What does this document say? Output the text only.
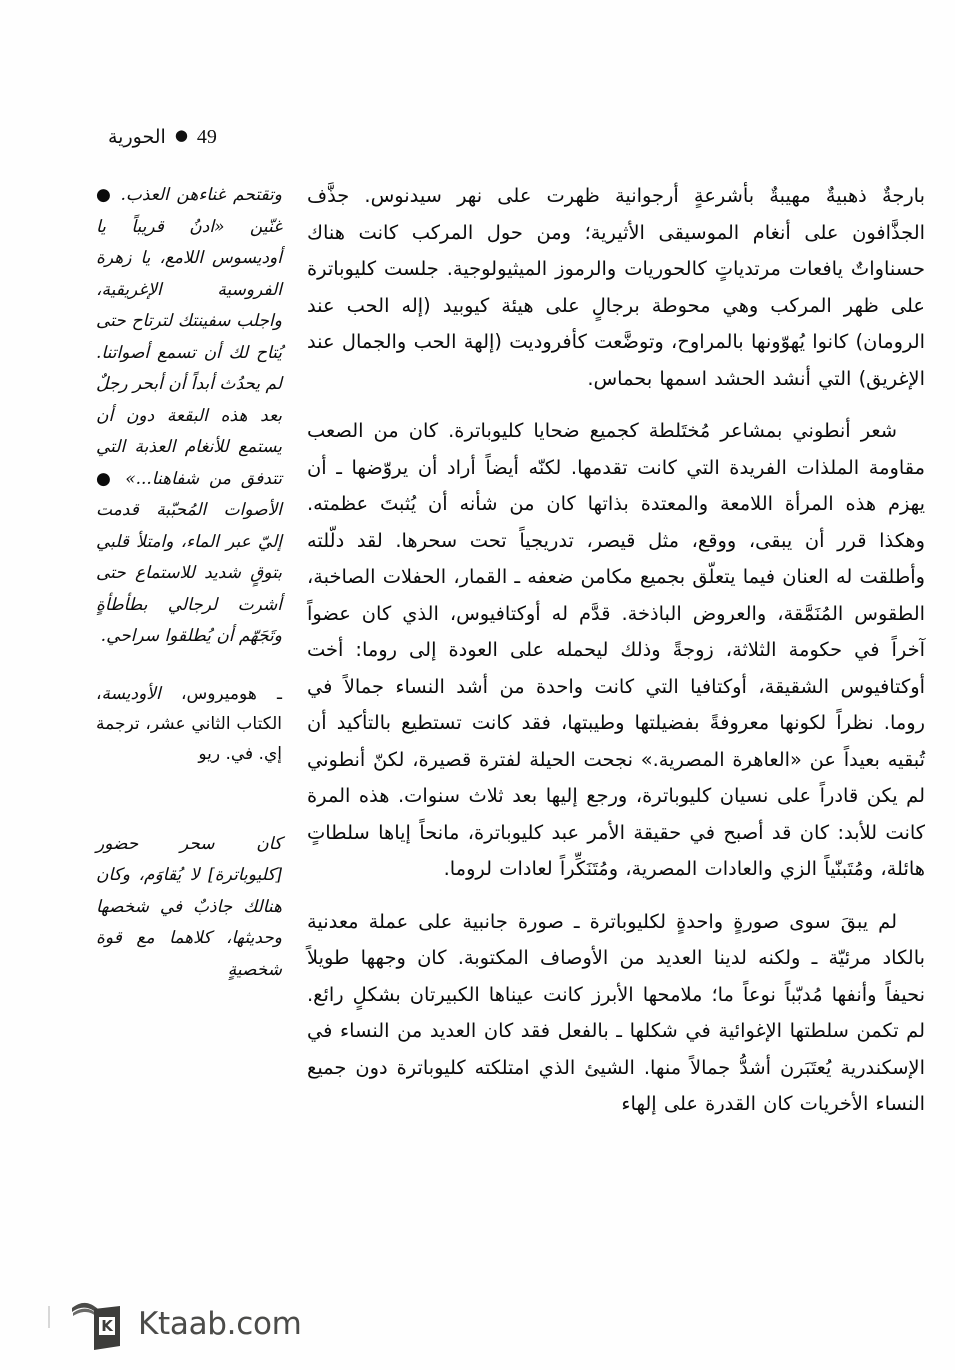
الحورية ● 49

بارجةٌ ذهبيةٌ مهيبةٌ بأشرعةٍ أرجوانية ظهرت على نهر سيدنوس. جذَّف الجذَّافون على أنغام الموسيقى الأثيرية؛ ومن حول المركب كانت هناك حسناواتٌ يافعات مرتدياتٍ كالحوريات والرموز الميثيولوجية. جلست كليوباترة على ظهر المركب وهي محوطة برجالٍ على هيئة كيوبيد (إله الحب عند الرومان) كانوا يُهوّونها بالمراوح، وتوضَّعت كأفروديت (إلهة الحب والجمال عند الإغريق) التي أنشد الحشد اسمها بحماس.

شعر أنطوني بمشاعر مُختَلطة كجميع ضحايا كليوباترة. كان من الصعب مقاومة الملذات الفريدة التي كانت تقدمها. لكنّه أيضاً أراد أن يروّضها ـ أن يهزم هذه المرأة اللامعة والمعتدة بذاتها كان من شأنه أن يُثبتَ عظمته. وهكذا قرر أن يبقى، ووقع، مثل قيصر، تدريجياً تحت سحرها. لقد دلّلته وأطلقت له العنان فيما يتعلّق بجميع مكامن ضعفه ـ القمار، الحفلات الصاخبة، الطقوس المُنَمَّقة، والعروض الباذخة. قدَّم له أوكتافيوس، الذي كان عضواً آخراً في حكومة الثلاثة، زوجةً وذلك ليحمله على العودة إلى روما: أخت أوكتافيوس الشقيقة، أوكتافيا التي كانت واحدة من أشد النساء جمالاً في روما. نظراً لكونها معروفةً بفضيلتها وطيبتها، فقد كانت تستطيع بالتأكيد أن تُبقيه بعيداً عن «العاهرة المصرية.» نجحت الحيلة لفترة قصيرة، لكنّ أنطوني لم يكن قادراً على نسيان كليوباترة، ورجع إليها بعد ثلاث سنوات. هذه المرة كانت للأبد: كان قد أصبح في حقيقة الأمر عبد كليوباترة، مانحاً إياها سلطاتٍ هائلة، ومُتَبنّياً الزي والعادات المصرية، ومُتَنَكِّراً لعادات لروما.

لم يبقَ سوى صورةٍ واحدةٍ لكليوباترة ـ صورة جانبية على عملة معدنية بالكاد مرئيّة ـ ولكنه لدينا العديد من الأوصاف المكتوبة. كان وجهها طويلاً نحيفاً وأنفها مُدبّباً نوعاً ما؛ ملامحها الأبرز كانت عيناها الكبيرتان بشكلٍ رائع. لم تكمن سلطتها الإغوائية في شكلها ـ بالفعل فقد كان العديد من النساء في الإسكندرية يُعتَبَرن أشدُّ جمالاً منها. الشيئ الذي امتلكته كليوباترة دون جميع النساء الأخريات كان القدرة على إلهاء

وتقتحم غناءهن العذب. ● غنّين «ادنُ قريباً يا أوديسوس اللامع، يا زهرة الفروسية الإغريقية، واجلب سفينتك لترتاح حتى يُتاح لك أن تسمع أصواتنا. لم يحدُث أبداً أن أبحر رجلٌ بعد هذه البقعة دون أن يستمع للأنغام العذبة التي تتدفق من شفاهنا...» ● الأصوات المُحبّبة قدمت إليّ عبر الماء، وامتلأ قلبي بتوقٍ شديد للاستماع حتى أشرت لرجالي بطأطأةٍ وتَجَهّم أن يُطلقوا سراحي.

ـ هوميروس، الأوديسة، الكتاب الثاني عشر، ترجمة إي. في. ريو

كان سحر حضور [كليوباترة] لا يُقاوَم، وكان هنالك جاذبٌ في شخصها وحديثها، كلاهما مع قوة شخصيةٍ

K Ktaab.com
